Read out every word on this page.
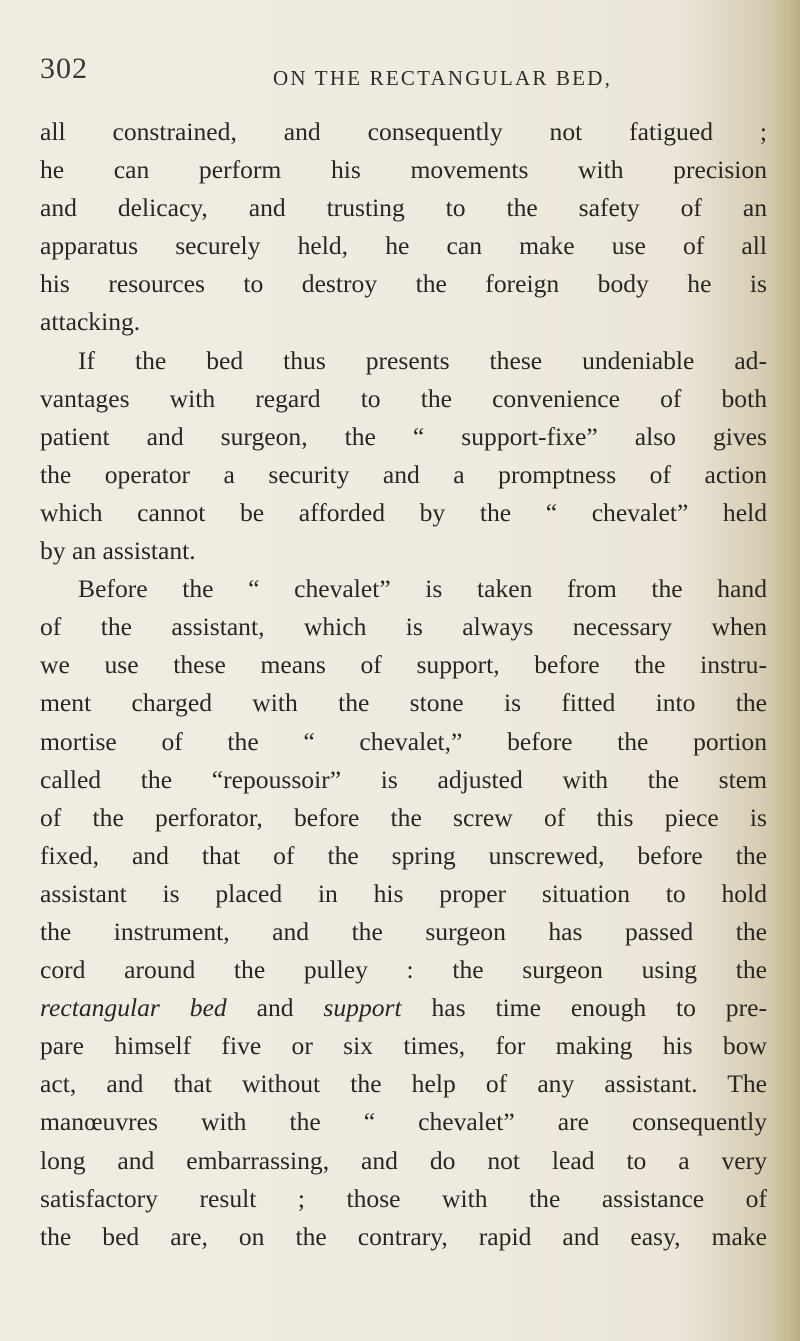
302	ON THE RECTANGULAR BED,
all constrained, and consequently not fatigued ;
he can perform his movements with precision
and delicacy, and trusting to the safety of an
apparatus securely held, he can make use of all
his resources to destroy the foreign body he is
attacking.
If the bed thus presents these undeniable ad-
vantages with regard to the convenience of both
patient and surgeon, the “ support-fixe” also gives
the operator a security and a promptness of action
which cannot be afforded by the “ chevalet” held
by an assistant.
Before the “ chevalet” is taken from the hand
of the assistant, which is always necessary when
we use these means of support, before the instru-
ment charged with the stone is fitted into the
mortise of the “ chevalet,” before the portion
called the “repoussoir” is adjusted with the stem
of the perforator, before the screw of this piece is
fixed, and that of the spring unscrewed, before the
assistant is placed in his proper situation to hold
the instrument, and the surgeon has passed the
cord around the pulley : the surgeon using the
rectangular bed and support has time enough to pre-
pare himself five or six times, for making his bow
act, and that without the help of any assistant. The
manœuvres with the “ chevalet” are consequently
long and embarrassing, and do not lead to a very
satisfactory result ; those with the assistance of
the bed are, on the contrary, rapid and easy, make
